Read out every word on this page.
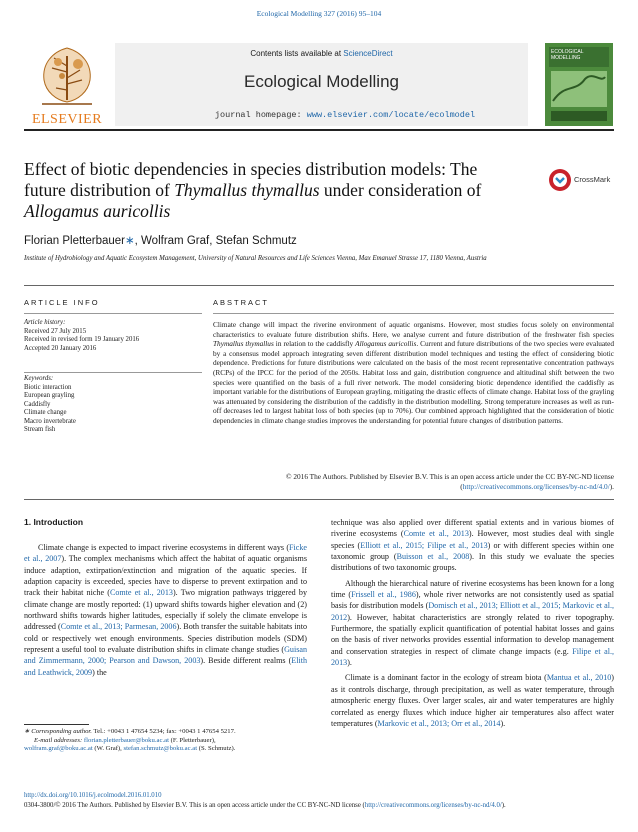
Ecological Modelling 327 (2016) 95–104
ELSEVIER
Contents lists available at ScienceDirect
Ecological Modelling
journal homepage: www.elsevier.com/locate/ecolmodel
ECOLOGICAL MODELLING
Effect of biotic dependencies in species distribution models: The future distribution of Thymallus thymallus under consideration of Allogamus auricollis
CrossMark
Florian Pletterbauer∗, Wolfram Graf, Stefan Schmutz
Institute of Hydrobiology and Aquatic Ecosystem Management, University of Natural Resources and Life Sciences Vienna, Max Emanuel Strasse 17, 1180 Vienna, Austria
ARTICLE INFO
Article history:
Received 27 July 2015
Received in revised form 19 January 2016
Accepted 20 January 2016
Keywords:
Biotic interaction
European grayling
Caddisfly
Climate change
Macro invertebrate
Stream fish
ABSTRACT
Climate change will impact the riverine environment of aquatic organisms. However, most studies focus solely on environmental characteristics to evaluate future distribution shifts. Here, we analyse current and future distribution of the freshwater fish species Thymallus thymallus in relation to the caddisfly Allogamus auricollis. Current and future distributions of the two species were evaluated by a consensus model approach integrating seven different distribution model techniques and testing the effect of considering biotic dependence. Predictions for future distributions were calculated on the basis of the most recent representative concentration pathways (RCPs) of the IPCC for the period of the 2050s. Habitat loss and gain, distribution congruence and altitudinal shift between the two species were quantified on the basis of a full river network. The model considering biotic dependence identified the caddisfly as important variable for the distributions of European grayling, mitigating the drastic effects of climate change. Habitat loss of the grayling was attenuated by considering the distribution of the caddisfly in the distribution modelling. Strong temperature increases as well as run-off decreases led to largest habitat loss of both species (up to 70%). Our combined approach highlighted that the consideration of biotic dependencies in climate change studies improves the understanding for potential future changes of distribution patterns.
© 2016 The Authors. Published by Elsevier B.V. This is an open access article under the CC BY-NC-ND license (http://creativecommons.org/licenses/by-nc-nd/4.0/).
1. Introduction
Climate change is expected to impact riverine ecosystems in different ways (Ficke et al., 2007). The complex mechanisms which affect the habitat of aquatic organisms induce adaption, extirpation/extinction and migration of the aquatic species. If adaption capacity is exceeded, species have to disperse to prevent extirpation and to track their habitat niche (Comte et al., 2013). Two migration pathways triggered by climate change are mostly reported: (1) upward shifts towards higher elevation and (2) northward shifts towards higher latitudes, especially if solely the climate envelope is addressed (Comte et al., 2013; Parmesan, 2006). Both transfer the suitable habitats into cold or respectively wet enough environments. Species distribution models (SDM) represent a useful tool to evaluate distribution shifts in climate change studies (Guisan and Zimmermann, 2000; Pearson and Dawson, 2003). Beside different realms (Elith and Leathwick, 2009) the
technique was also applied over different spatial extents and in various biomes of riverine ecosystems (Comte et al., 2013). However, most studies deal with single species (Elliott et al., 2015; Filipe et al., 2013) or with different species within one taxonomic group (Buisson et al., 2008). In this study we evaluate the species distributions of two taxonomic groups.
Although the hierarchical nature of riverine ecosystems has been known for a long time (Frissell et al., 1986), whole river networks are not consistently used as spatial basis for distribution models (Domisch et al., 2013; Elliott et al., 2015; Markovic et al., 2012). However, habitat characteristics are strongly related to river topography. Furthermore, the spatially explicit quantification of potential habitat losses and gains on the basis of river networks provides essential information to develop management and conservation strategies in respect of climate change impacts (e.g. Filipe et al., 2013).
Climate is a dominant factor in the ecology of stream biota (Mantua et al., 2010) as it controls discharge, through precipitation, as well as water temperature, through atmospheric energy fluxes. Over larger scales, air and water temperatures are highly correlated as energy fluxes which induce higher air temperatures also affect water temperatures (Markovic et al., 2013; Orr et al., 2014).
∗ Corresponding author. Tel.: +0043 1 47654 5234; fax: +0043 1 47654 5217.
E-mail addresses: florian.pletterbauer@boku.ac.at (F. Pletterbauer),
wolfram.graf@boku.ac.at (W. Graf), stefan.schmutz@boku.ac.at (S. Schmutz).
http://dx.doi.org/10.1016/j.ecolmodel.2016.01.010
0304-3800/© 2016 The Authors. Published by Elsevier B.V. This is an open access article under the CC BY-NC-ND license (http://creativecommons.org/licenses/by-nc-nd/4.0/).
